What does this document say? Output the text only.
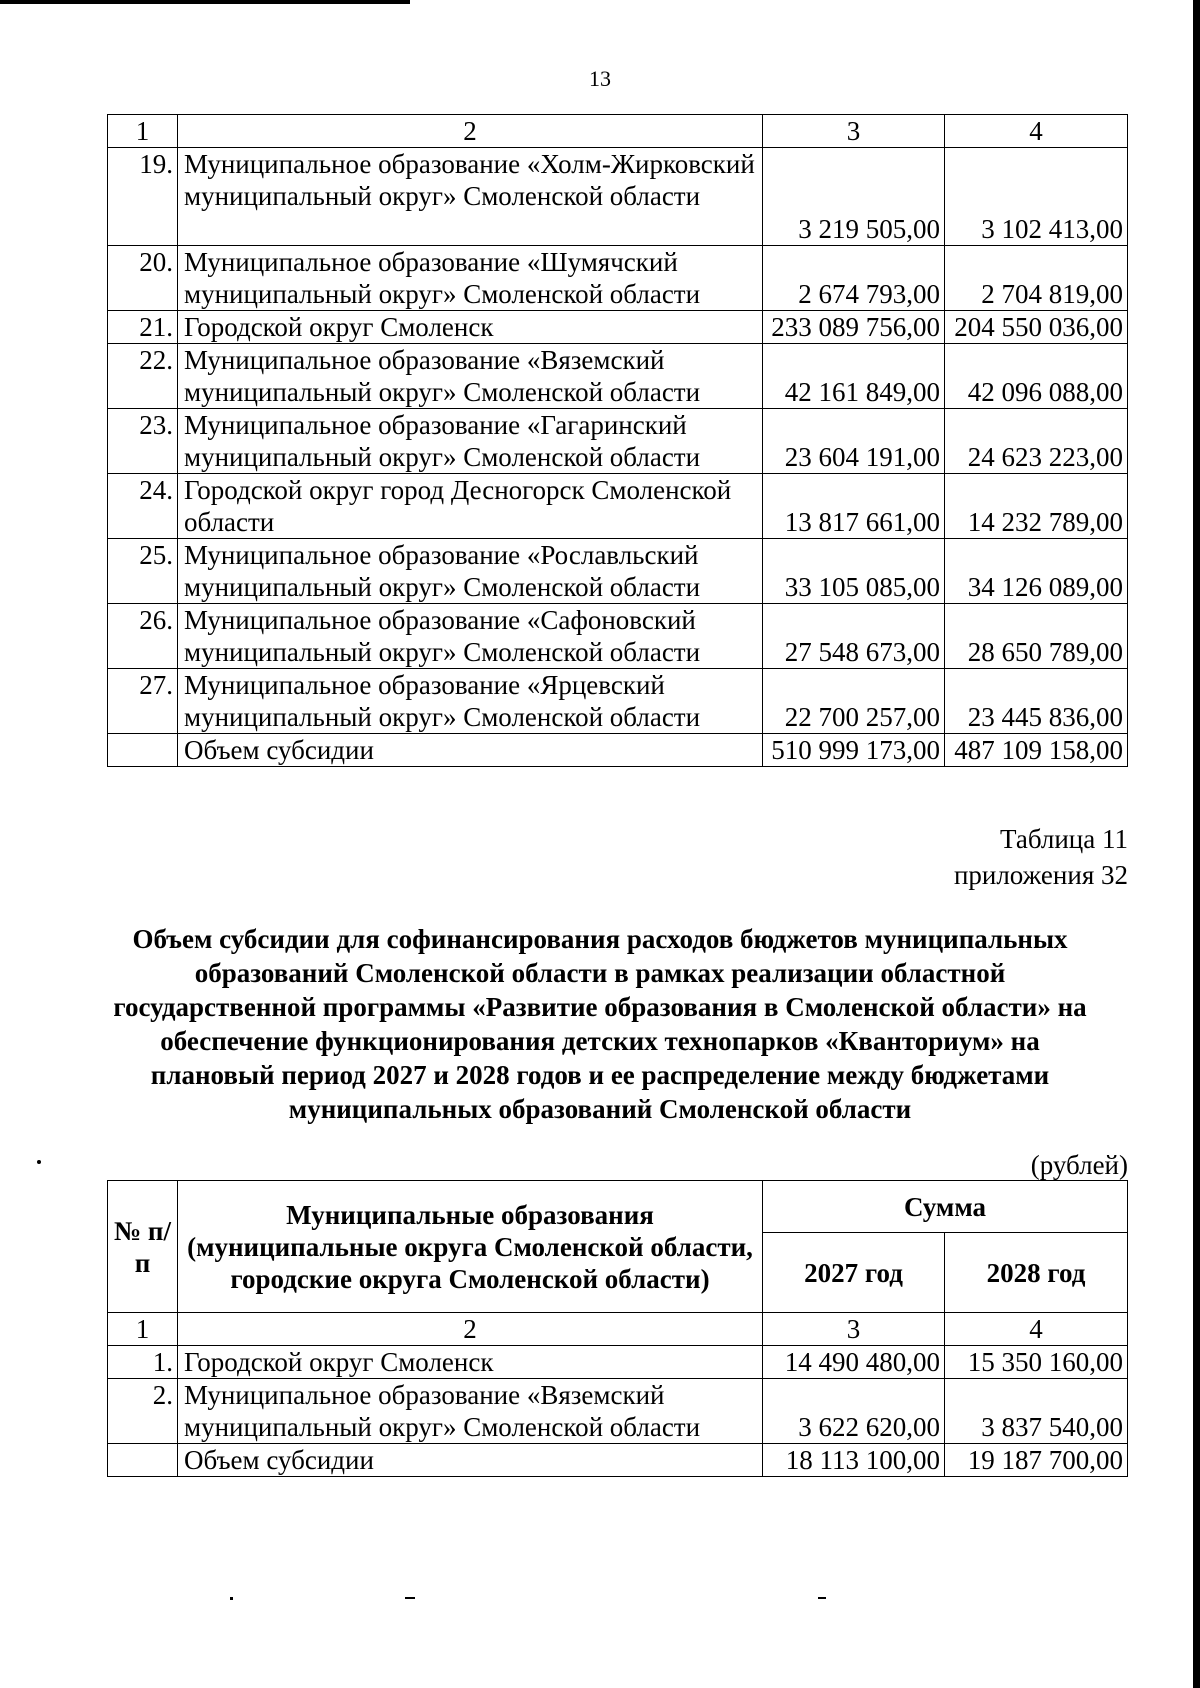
13
1	2	3	4
19.	Муниципальное образование «Холм-Жирковский муниципальный округ» Смоленской области	3 219 505,00	3 102 413,00
20.	Муниципальное образование «Шумячский муниципальный округ» Смоленской области	2 674 793,00	2 704 819,00
21.	Городской округ Смоленск	233 089 756,00	204 550 036,00
22.	Муниципальное образование «Вяземский муниципальный округ» Смоленской области	42 161 849,00	42 096 088,00
23.	Муниципальное образование «Гагаринский муниципальный округ» Смоленской области	23 604 191,00	24 623 223,00
24.	Городской округ город Десногорск Смоленской области	13 817 661,00	14 232 789,00
25.	Муниципальное образование «Рославльский муниципальный округ» Смоленской области	33 105 085,00	34 126 089,00
26.	Муниципальное образование «Сафоновский муниципальный округ» Смоленской области	27 548 673,00	28 650 789,00
27.	Муниципальное образование «Ярцевский муниципальный округ» Смоленской области	22 700 257,00	23 445 836,00
	Объем субсидии	510 999 173,00	487 109 158,00
Таблица 11
приложения 32
Объем субсидии для софинансирования расходов бюджетов муниципальных образований Смоленской области в рамках реализации областной государственной программы «Развитие образования в Смоленской области» на обеспечение функционирования детских технопарков «Кванториум» на плановый период 2027 и 2028 годов и ее распределение между бюджетами муниципальных образований Смоленской области
(рублей)
№ п/п	Муниципальные образования (муниципальные округа Смоленской области, городские округа Смоленской области)	Сумма	
		2027 год	2028 год
1	2	3	4
1.	Городской округ Смоленск	14 490 480,00	15 350 160,00
2.	Муниципальное образование «Вяземский муниципальный округ» Смоленской области	3 622 620,00	3 837 540,00
	Объем субсидии	18 113 100,00	19 187 700,00
